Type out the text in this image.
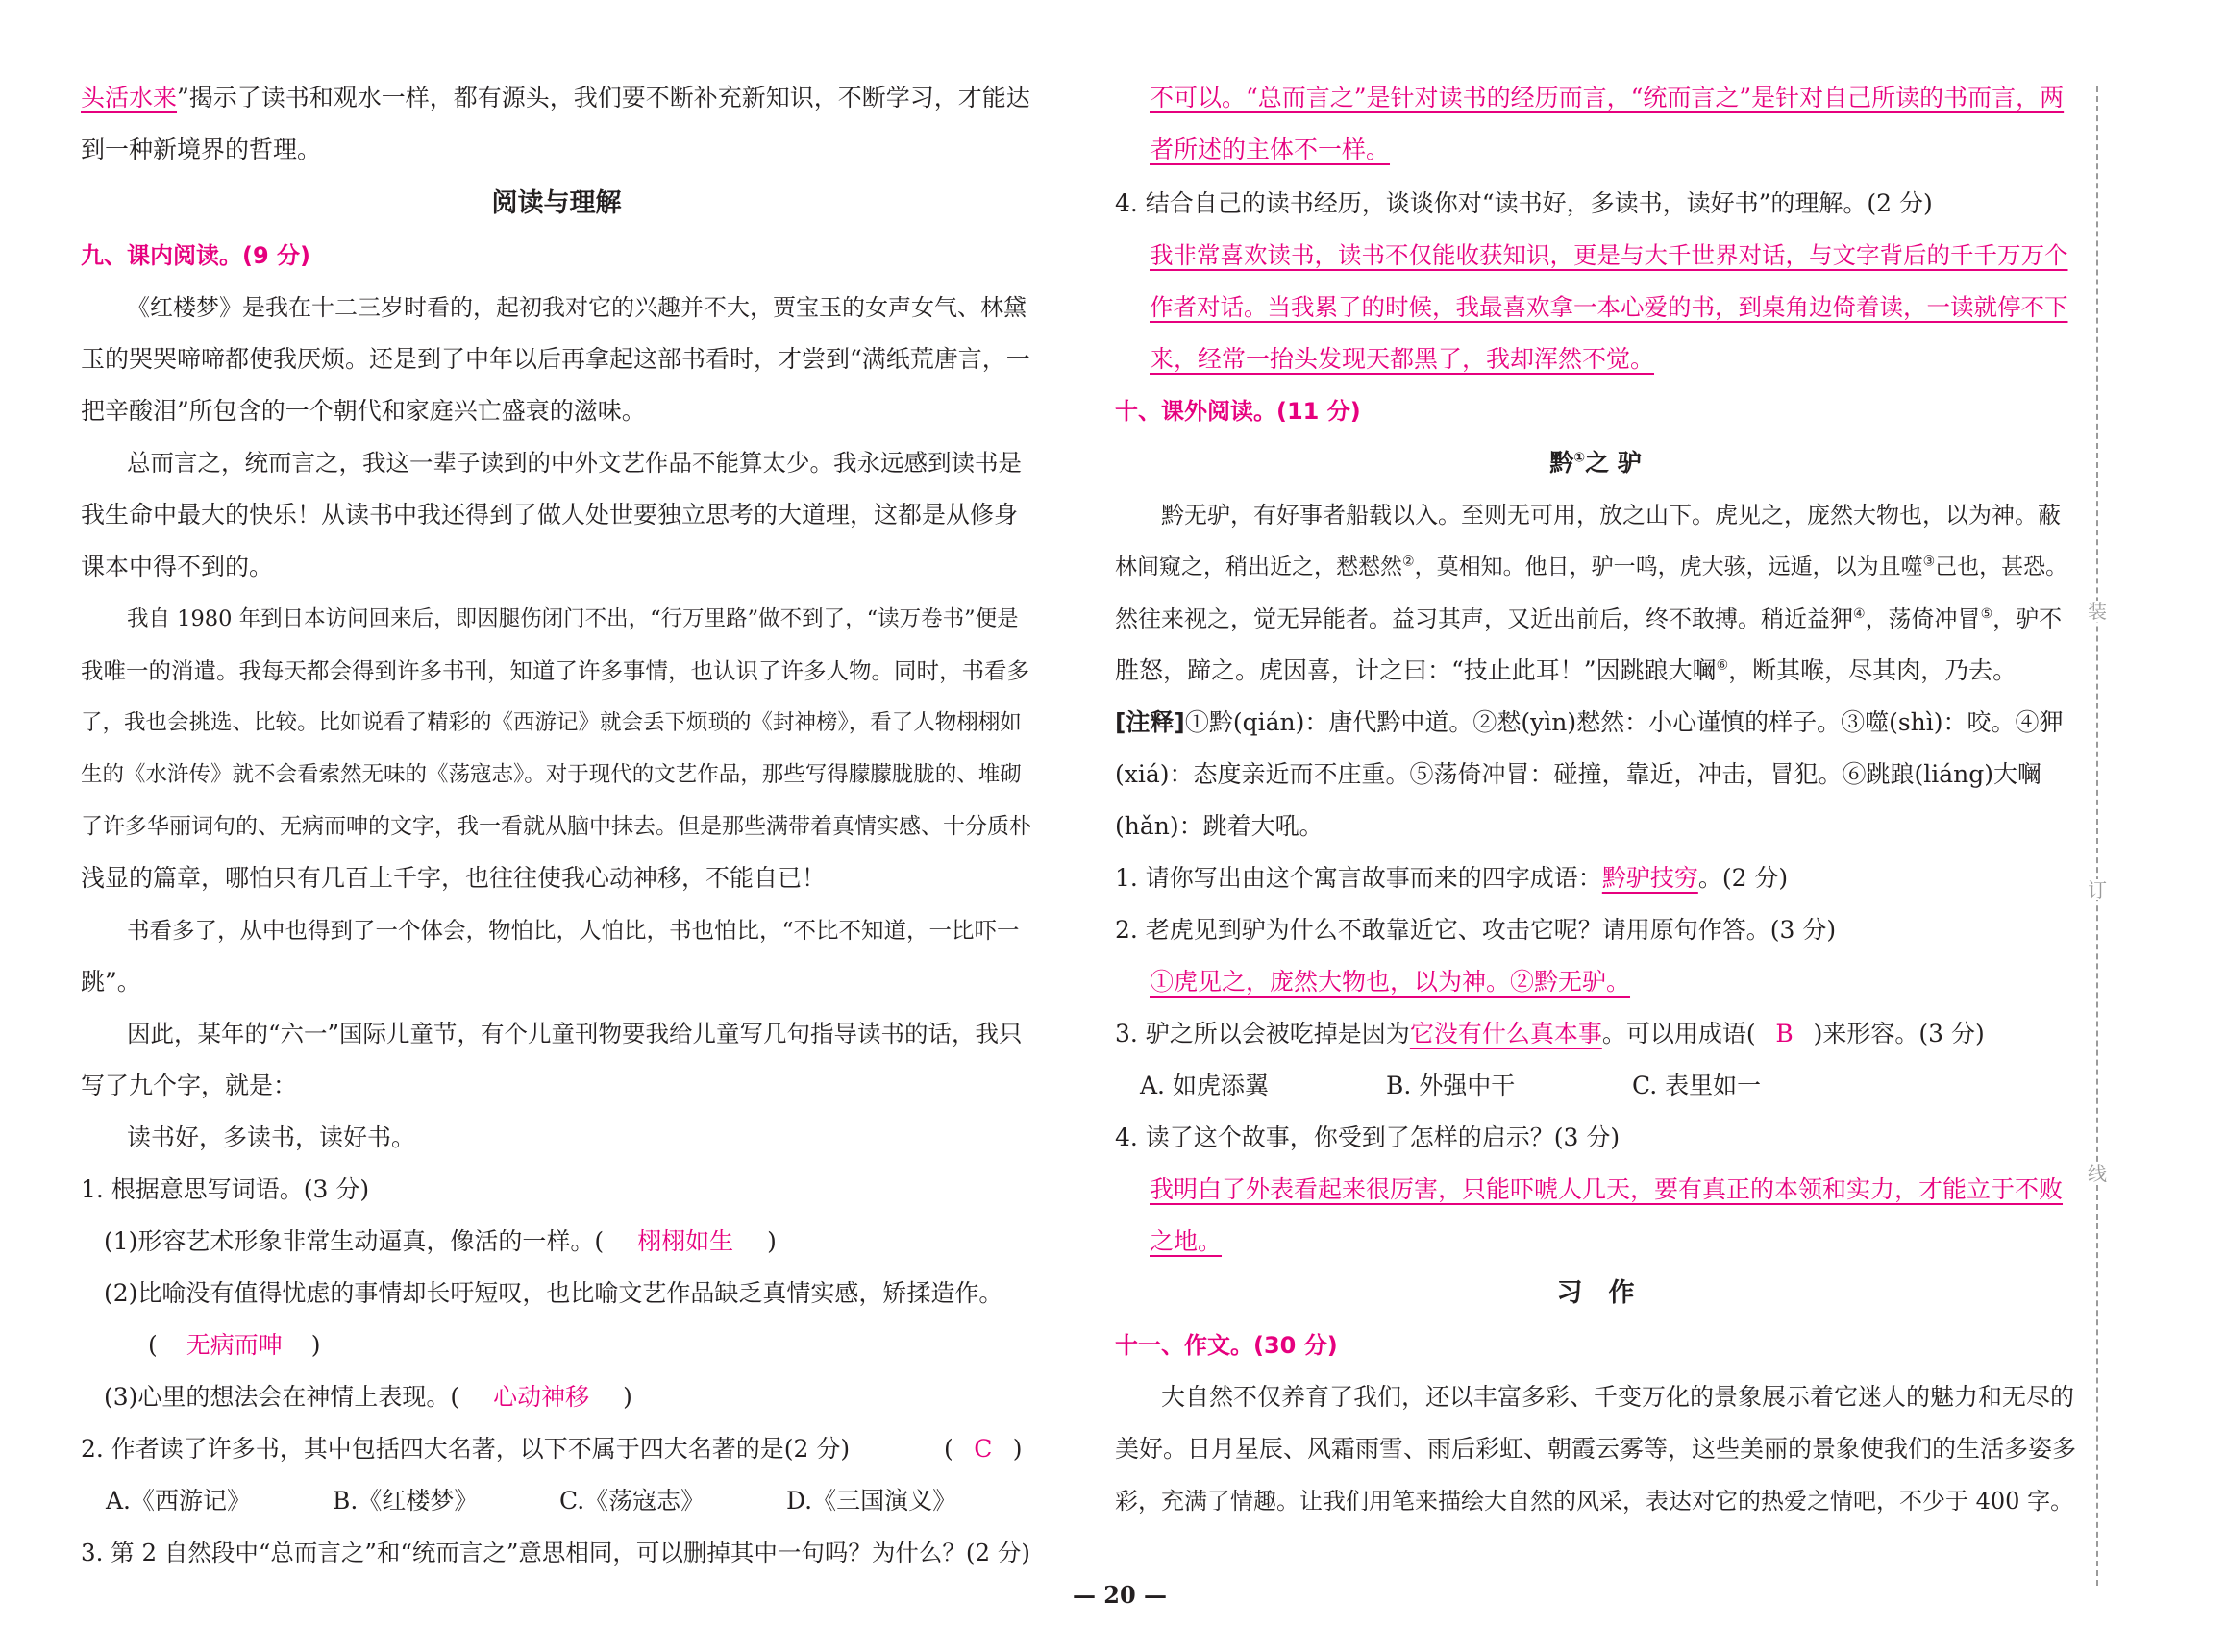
头活水来”揭示了读书和观水一样，都有源头，我们要不断补充新知识，不断学习，才能达
到一种新境界的哲理。
阅读与理解
九、课内阅读。(9 分)
《红楼梦》是我在十二三岁时看的，起初我对它的兴趣并不大，贾宝玉的女声女气、林黛
玉的哭哭啼啼都使我厌烦。还是到了中年以后再拿起这部书看时，才尝到“满纸荒唐言，一
把辛酸泪”所包含的一个朝代和家庭兴亡盛衰的滋味。
总而言之，统而言之，我这一辈子读到的中外文艺作品不能算太少。我永远感到读书是
我生命中最大的快乐！从读书中我还得到了做人处世要独立思考的大道理，这都是从修身
课本中得不到的。
我自 1980 年到日本访问回来后，即因腿伤闭门不出，“行万里路”做不到了，“读万卷书”便是
我唯一的消遣。我每天都会得到许多书刊，知道了许多事情，也认识了许多人物。同时，书看多
了，我也会挑选、比较。比如说看了精彩的《西游记》就会丢下烦琐的《封神榜》，看了人物栩栩如
生的《水浒传》就不会看索然无味的《荡寇志》。对于现代的文艺作品，那些写得朦朦胧胧的、堆砌
了许多华丽词句的、无病而呻的文字，我一看就从脑中抹去。但是那些满带着真情实感、十分质朴
浅显的篇章，哪怕只有几百上千字，也往往使我心动神移，不能自已！
书看多了，从中也得到了一个体会，物怕比，人怕比，书也怕比，“不比不知道，一比吓一
跳”。
因此，某年的“六一”国际儿童节，有个儿童刊物要我给儿童写几句指导读书的话，我只
写了九个字，就是：
读书好，多读书，读好书。
1. 根据意思写词语。(3 分)
(1)形容艺术形象非常生动逼真，像活的一样。( 栩栩如生 )
(2)比喻没有值得忧虑的事情却长吁短叹，也比喻文艺作品缺乏真情实感，矫揉造作。
( 无病而呻 )
(3)心里的想法会在神情上表现。( 心动神移 )
2. 作者读了许多书，其中包括四大名著，以下不属于四大名著的是(2 分)	( C )
A.《西游记》	B.《红楼梦》	C.《荡寇志》	D.《三国演义》
3. 第 2 自然段中“总而言之”和“统而言之”意思相同，可以删掉其中一句吗？为什么？(2 分)
不可以。“总而言之”是针对读书的经历而言，“统而言之”是针对自己所读的书而言，两
者所述的主体不一样。
4. 结合自己的读书经历，谈谈你对“读书好，多读书，读好书”的理解。(2 分)
我非常喜欢读书，读书不仅能收获知识，更是与大千世界对话，与文字背后的千千万万个
作者对话。当我累了的时候，我最喜欢拿一本心爱的书，到桌角边倚着读，一读就停不下
来，经常一抬头发现天都黑了，我却浑然不觉。
十、课外阅读。(11 分)
黔①之 驴
黔无驴，有好事者船载以入。至则无可用，放之山下。虎见之，庞然大物也，以为神。蔽
林间窥之，稍出近之，慭慭然②，莫相知。他日，驴一鸣，虎大骇，远遁，以为且噬③己也，甚恐。
然往来视之，觉无异能者。益习其声，又近出前后，终不敢搏。稍近益狎④，荡倚冲冒⑤，驴不
胜怒，蹄之。虎因喜，计之曰：“技止此耳！”因跳踉大㘎⑥，断其喉，尽其肉，乃去。
[注释]①黔(qián)：唐代黔中道。②慭(yìn)慭然：小心谨慎的样子。③噬(shì)：咬。④狎
(xiá)：态度亲近而不庄重。⑤荡倚冲冒：碰撞，靠近，冲击，冒犯。⑥跳踉(liáng)大㘎
(hǎn)：跳着大吼。
1. 请你写出由这个寓言故事而来的四字成语：黔驴技穷。(2 分)
2. 老虎见到驴为什么不敢靠近它、攻击它呢？请用原句作答。(3 分)
①虎见之，庞然大物也，以为神。②黔无驴。
3. 驴之所以会被吃掉是因为它没有什么真本事。可以用成语( B )来形容。(3 分)
A. 如虎添翼	B. 外强中干	C. 表里如一
4. 读了这个故事，你受到了怎样的启示？(3 分)
我明白了外表看起来很厉害，只能吓唬人几天，要有真正的本领和实力，才能立于不败
之地。
习　作
十一、作文。(30 分)
大自然不仅养育了我们，还以丰富多彩、千变万化的景象展示着它迷人的魅力和无尽的
美好。日月星辰、风霜雨雪、雨后彩虹、朝霞云雾等，这些美丽的景象使我们的生活多姿多
彩，充满了情趣。让我们用笔来描绘大自然的风采，表达对它的热爱之情吧，不少于 400 字。
装
订
线
— 20 —
